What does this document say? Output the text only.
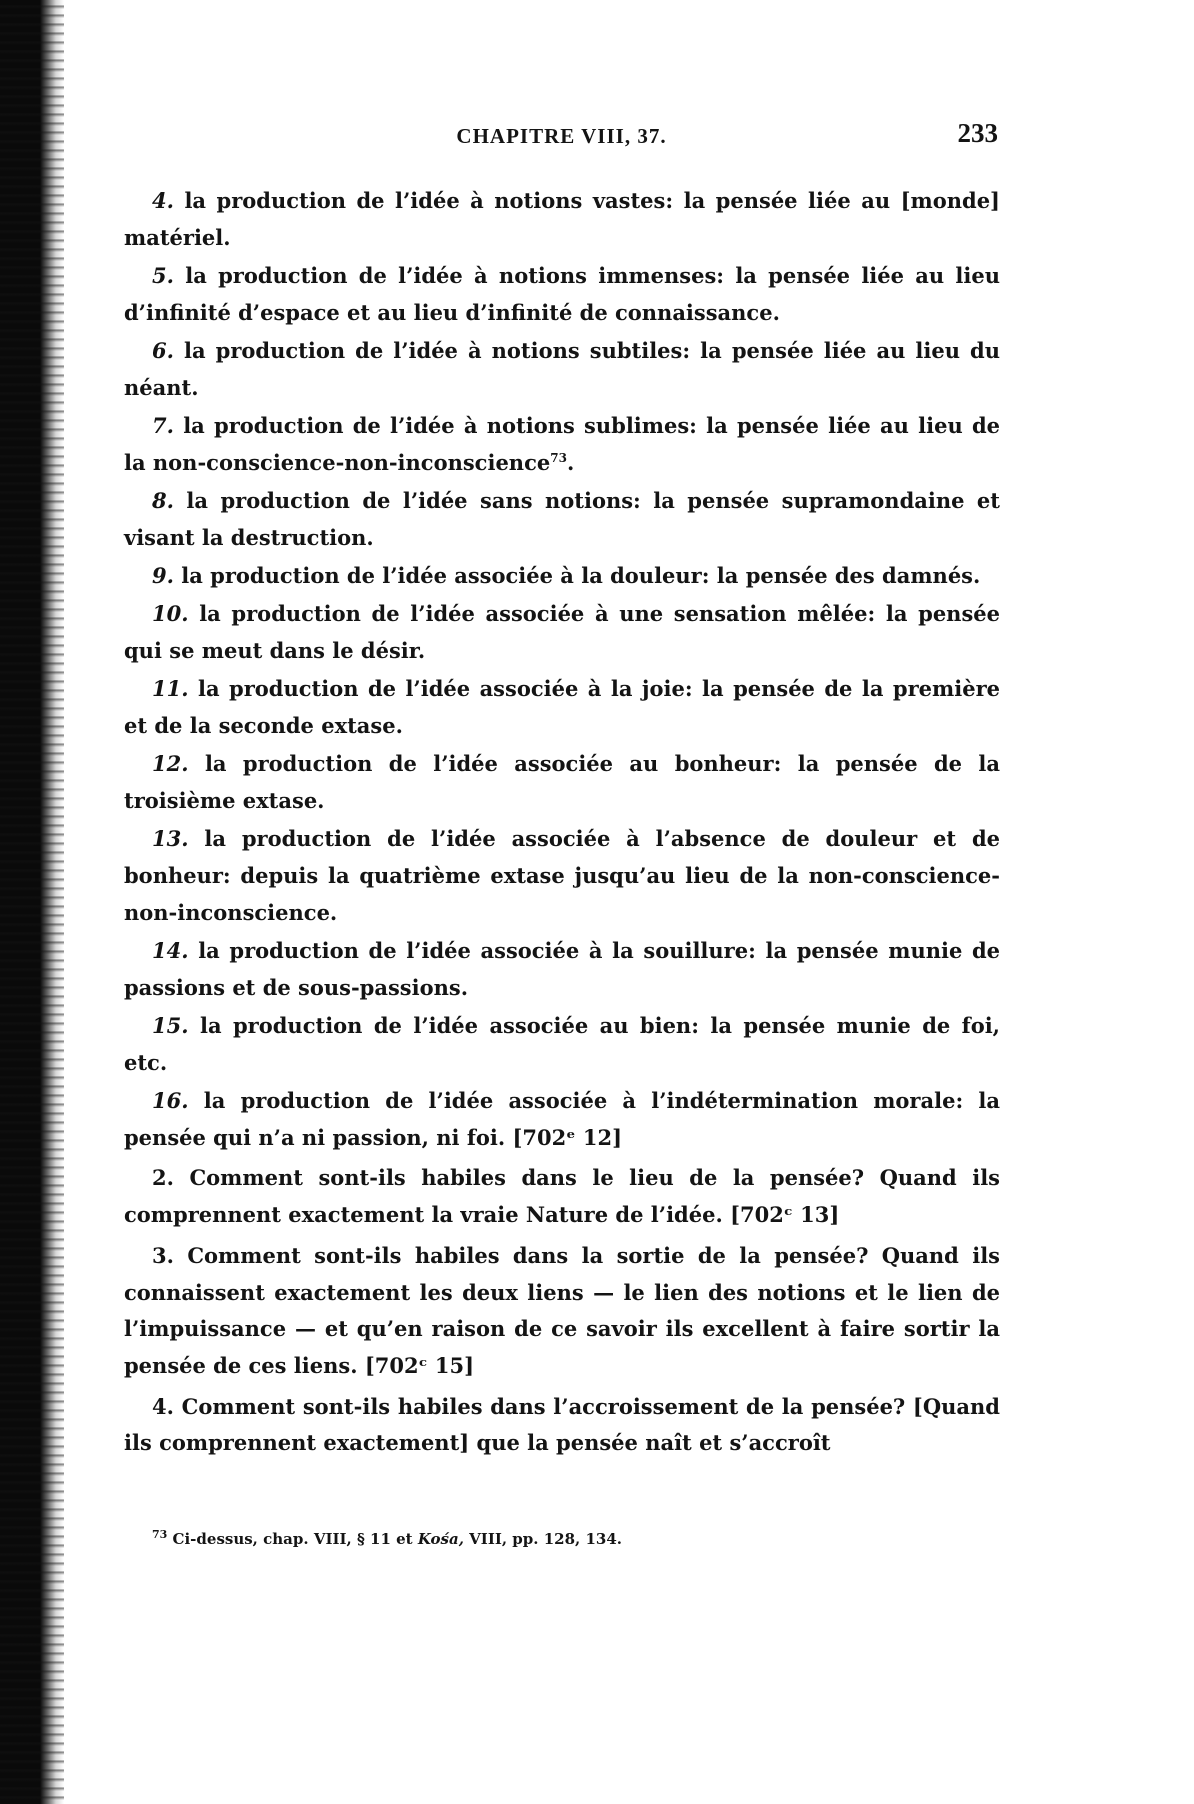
CHAPITRE VIII, 37.	233

4. la production de l’idée à notions vastes: la pensée liée au [monde] matériel.

5. la production de l’idée à notions immenses: la pensée liée au lieu d’infinité d’espace et au lieu d’infinité de connaissance.

6. la production de l’idée à notions subtiles: la pensée liée au lieu du néant.

7. la production de l’idée à notions sublimes: la pensée liée au lieu de la non-conscience-non-inconscience$^{73}$.

8. la production de l’idée sans notions: la pensée supramondaine et visant la destruction.

9. la production de l’idée associée à la douleur: la pensée des damnés.

10. la production de l’idée associée à une sensation mêlée: la pensée qui se meut dans le désir.

11. la production de l’idée associée à la joie: la pensée de la première et de la seconde extase.

12. la production de l’idée associée au bonheur: la pensée de la troisième extase.

13. la production de l’idée associée à l’absence de douleur et de bonheur: depuis la quatrième extase jusqu’au lieu de la non-conscience-non-inconscience.

14. la production de l’idée associée à la souillure: la pensée munie de passions et de sous-passions.

15. la production de l’idée associée au bien: la pensée munie de foi, etc.

16. la production de l’idée associée à l’indétermination morale: la pensée qui n’a ni passion, ni foi. [702ᵉ 12]

2. Comment sont-ils habiles dans le lieu de la pensée? Quand ils comprennent exactement la vraie Nature de l’idée. [702ᶜ 13]

3. Comment sont-ils habiles dans la sortie de la pensée? Quand ils connaissent exactement les deux liens — le lien des notions et le lien de l’impuissance — et qu’en raison de ce savoir ils excellent à faire sortir la pensée de ces liens. [702ᶜ 15]

4. Comment sont-ils habiles dans l’accroissement de la pensée? [Quand ils comprennent exactement] que la pensée naît et s’accroît

$^{73}$ Ci-dessus, chap. VIII, § 11 et Kośa, VIII, pp. 128, 134.
